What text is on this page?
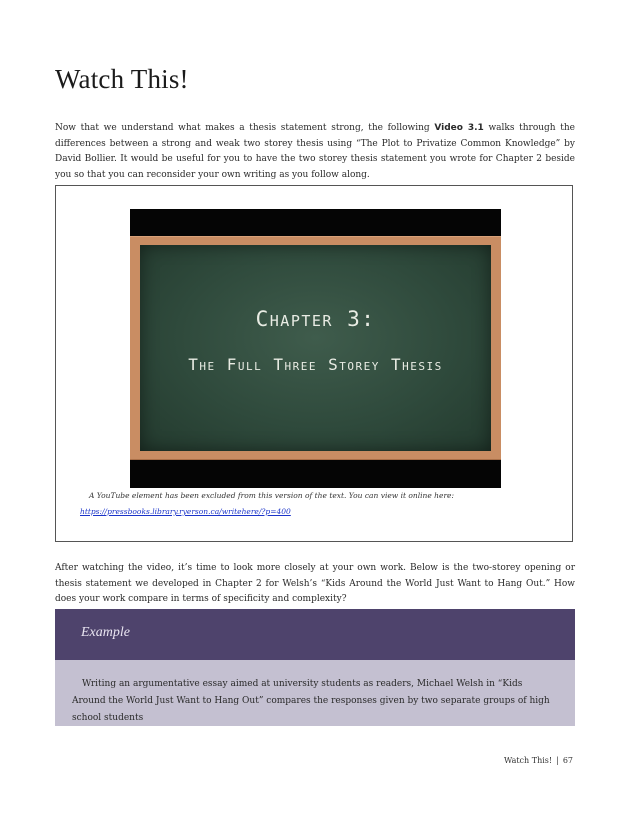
Watch This!

Now that we understand what makes a thesis statement strong, the following Video 3.1 walks through the differences between a strong and weak two storey thesis using “The Plot to Privatize Common Knowledge” by David Bollier. It would be useful for you to have the two storey thesis statement you wrote for Chapter 2 beside you so that you can reconsider your own writing as you follow along.

Chapter 3:
The Full Three Storey Thesis

A YouTube element has been excluded from this version of the text. You can view it online here:

https://pressbooks.library.ryerson.ca/writehere/?p=400

After watching the video, it’s time to look more closely at your own work. Below is the two-storey opening or thesis statement we developed in Chapter 2 for Welsh’s “Kids Around the World Just Want to Hang Out.” How does your work compare in terms of specificity and complexity?

Example

Writing an argumentative essay aimed at university students as readers, Michael Welsh in “Kids Around the World Just Want to Hang Out” compares the responses given by two separate groups of high school students

Watch This! | 67
